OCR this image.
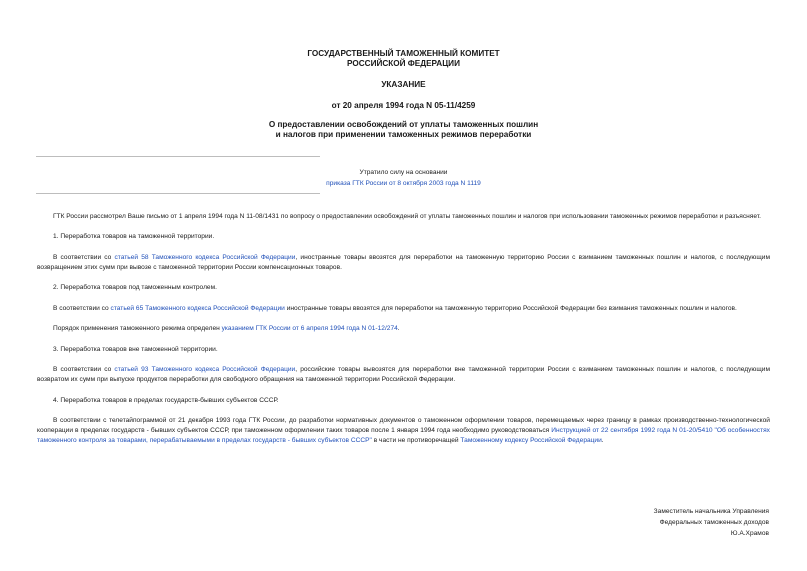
ГОСУДАРСТВЕННЫЙ ТАМОЖЕННЫЙ КОМИТЕТ
РОССИЙСКОЙ ФЕДЕРАЦИИ
УКАЗАНИЕ
от 20 апреля 1994 года N 05-11/4259
О предоставлении освобождений от уплаты таможенных пошлин
и налогов при применении таможенных режимов переработки
Утратило силу на основании
приказа ГТК России от 8 октября 2003 года N 1119

ГТК России рассмотрел Ваше письмо от 1 апреля 1994 года N 11-08/1431 по вопросу о предоставлении освобождений от уплаты таможенных пошлин и налогов при использовании таможенных режимов переработки и разъясняет.

1. Переработка товаров на таможенной территории.

В соответствии со статьей 58 Таможенного кодекса Российской Федерации, иностранные товары ввозятся для переработки на таможенную территорию России с взиманием таможенных пошлин и налогов, с последующим возвращением этих сумм при вывозе с таможенной территории России компенсационных товаров.

2. Переработка товаров под таможенным контролем.

В соответствии со статьей 65 Таможенного кодекса Российской Федерации иностранные товары ввозятся для переработки на таможенную территорию Российской Федерации без взимания таможенных пошлин и налогов.

Порядок применения таможенного режима определен указанием ГТК России от 6 апреля 1994 года N 01-12/274.

3. Переработка товаров вне таможенной территории.

В соответствии со статьей 93 Таможенного кодекса Российской Федерации, российские товары вывозятся для переработки вне таможенной территории России с взиманием таможенных пошлин и налогов, с последующим возвратом их сумм при выпуске продуктов переработки для свободного обращения на таможенной территории Российской Федерации.

4. Переработка товаров в пределах государств-бывших субъектов СССР.

В соответствии с телетайпограммой от 21 декабря 1993 года ГТК России, до разработки нормативных документов о таможенном оформлении товаров, перемещаемых через границу в рамках производственно-технологической кооперации в пределах государств - бывших субъектов СССР, при таможенном оформлении таких товаров после 1 января 1994 года необходимо руководствоваться Инструкцией от 22 сентября 1992 года N 01-20/5410 "Об особенностях таможенного контроля за товарами, перерабатываемыми в пределах государств - бывших субъектов СССР" в части не противоречащей Таможенному кодексу Российской Федерации.

Заместитель начальника Управления
Федеральных таможенных доходов
Ю.А.Храмов
